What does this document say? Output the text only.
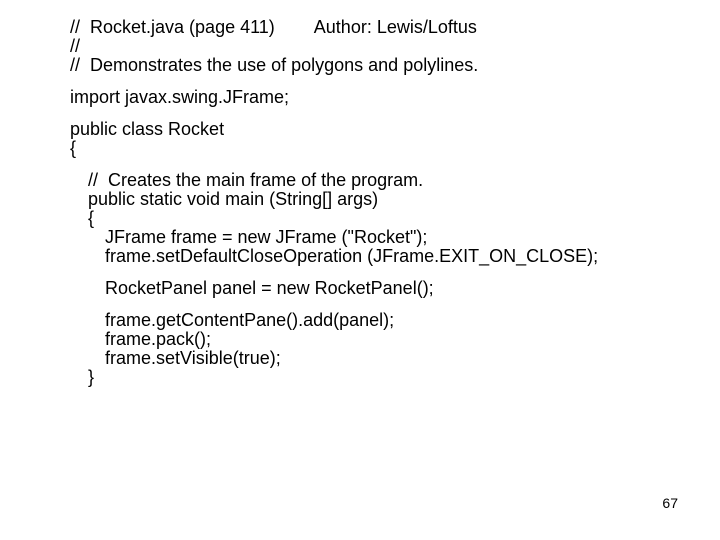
//  Rocket.java (page 411)        Author: Lewis/Loftus
//
//  Demonstrates the use of polygons and polylines.
import javax.swing.JFrame;
public class Rocket
{
//  Creates the main frame of the program.
public static void main (String[] args)
{
JFrame frame = new JFrame ("Rocket");
frame.setDefaultCloseOperation (JFrame.EXIT_ON_CLOSE);
RocketPanel panel = new RocketPanel();
frame.getContentPane().add(panel);
frame.pack();
frame.setVisible(true);
}
67
